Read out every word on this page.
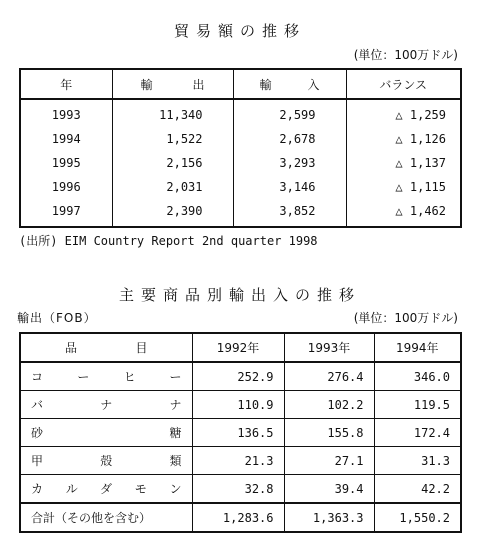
貿易額の推移
(単位：100万ドル)
年	輸出	輸入	バランス
1993	11,340	2,599	△ 1,259
1994	1,522	2,678	△ 1,126
1995	2,156	3,293	△ 1,137
1996	2,031	3,146	△ 1,115
1997	2,390	3,852	△ 1,462
(出所) EIM Country Report 2nd quarter 1998
主要商品別輸出入の推移
輸出（FOB）	(単位：100万ドル)
品目	1992年	1993年	1994年

コーヒー	252.9	276.4	346.0

バナナ	110.9	102.2	119.5

砂糖	136.5	155.8	172.4

甲殻類	21.3	27.1	31.3

カルダモン	32.8	39.4	42.2
合計（その他を含む）	1,283.6	1,363.3	1,550.2
